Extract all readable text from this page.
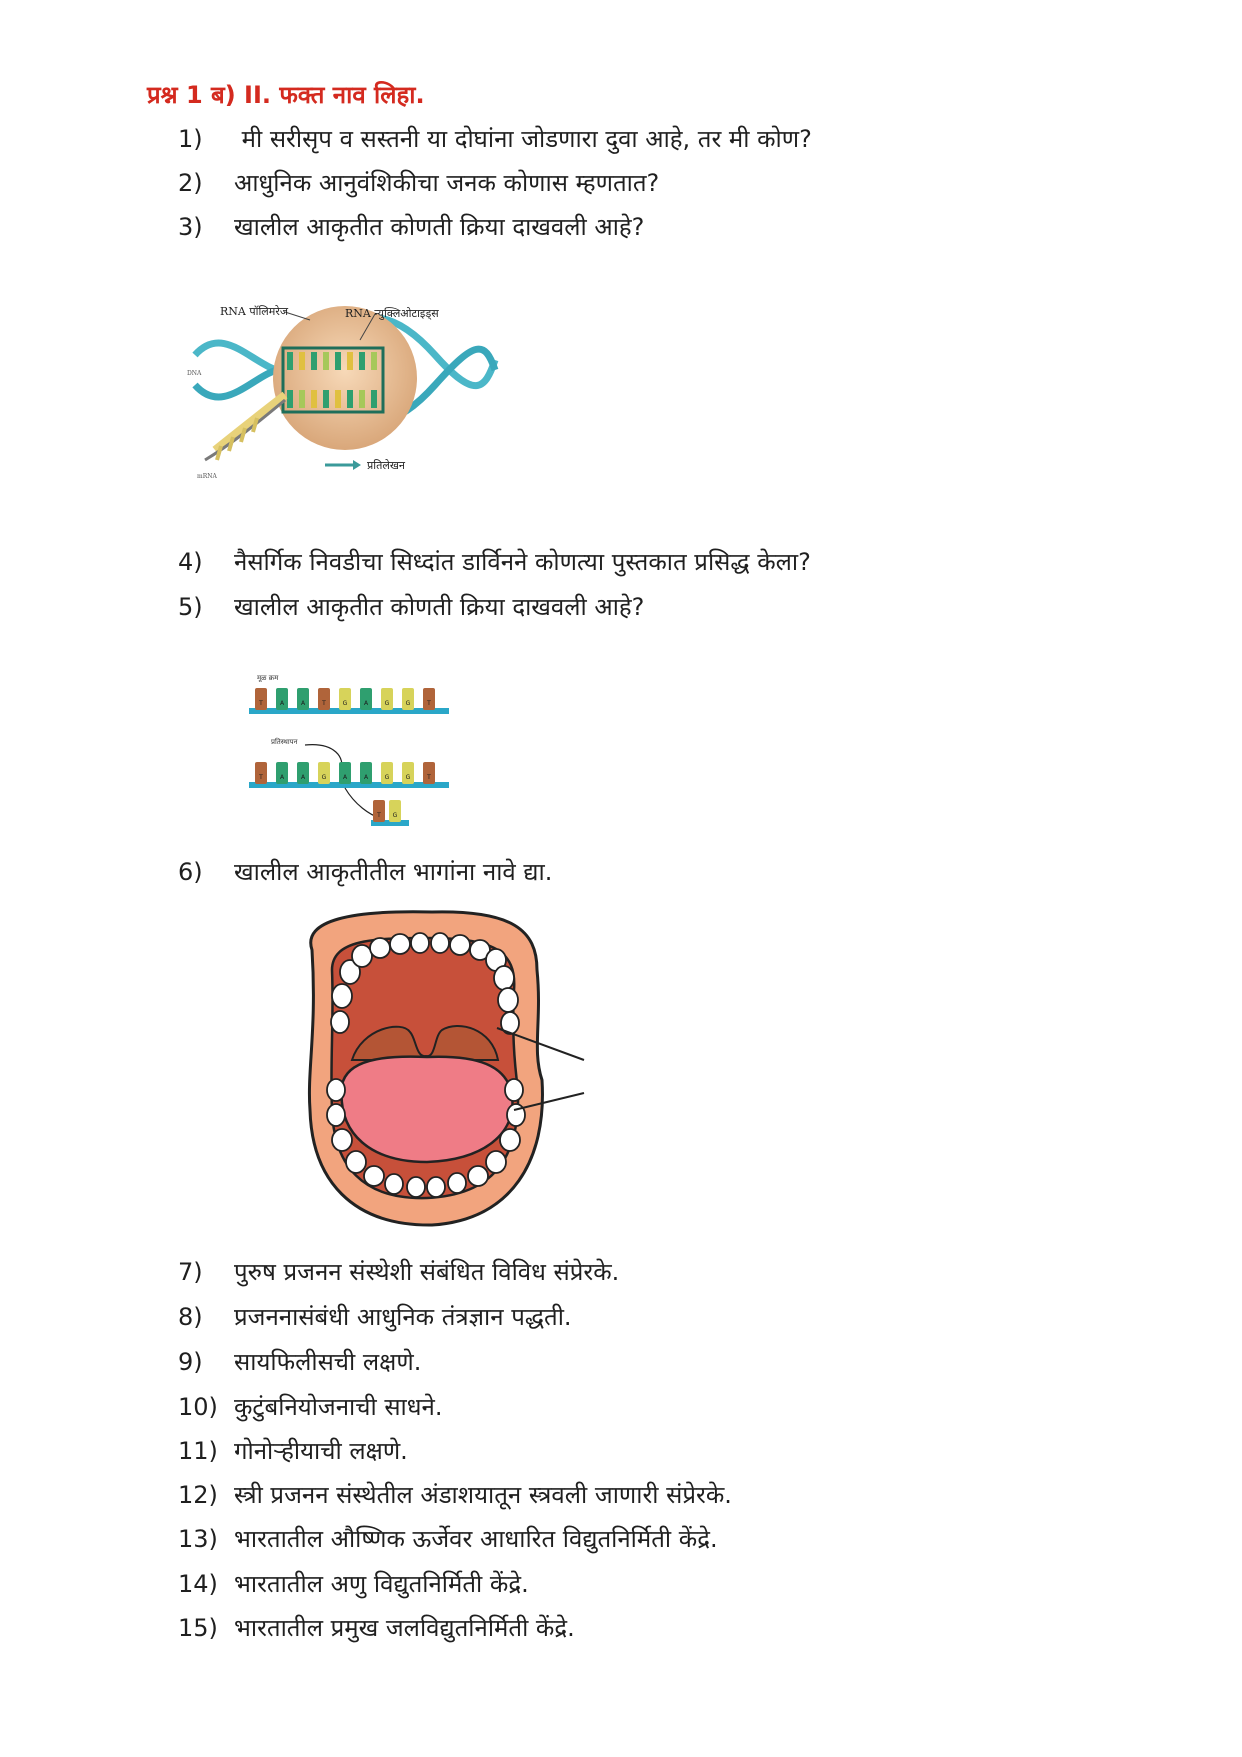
प्रश्न 1 ब) II. फक्त नाव लिहा.
1) मी सरीसृप व सस्तनी या दोघांना जोडणारा दुवा आहे, तर मी कोण?
2) आधुनिक आनुवंशिकीचा जनक कोणास म्हणतात?
3) खालील आकृतीत कोणती क्रिया दाखवली आहे?
RNA पॉलिमरेज	RNA न्युक्लिओटाइड्स
DNA
mRNA
प्रतिलेखन
4) नैसर्गिक निवडीचा सिध्दांत डार्विनने कोणत्या पुस्तकात प्रसिद्ध केला?
5) खालील आकृतीत कोणती क्रिया दाखवली आहे?
मूळ क्रम
T	A	A	T	G	A	G	G	T
प्रतिस्थापन
T	A	A	G	A	A	G	G	T
T G
6) खालील आकृतीतील भागांना नावे द्या.
7) पुरुष प्रजनन संस्थेशी संबंधित विविध संप्रेरके.
8) प्रजननासंबंधी आधुनिक तंत्रज्ञान पद्धती.
9) सायफिलीसची लक्षणे.
10) कुटुंबनियोजनाची साधने.
11) गोनोऱ्हीयाची लक्षणे.
12) स्त्री प्रजनन संस्थेतील अंडाशयातून स्त्रवली जाणारी संप्रेरके.
13) भारतातील औष्णिक ऊर्जेवर आधारित विद्युतनिर्मिती केंद्रे.
14) भारतातील अणु विद्युतनिर्मिती केंद्रे.
15) भारतातील प्रमुख जलविद्युतनिर्मिती केंद्रे.
